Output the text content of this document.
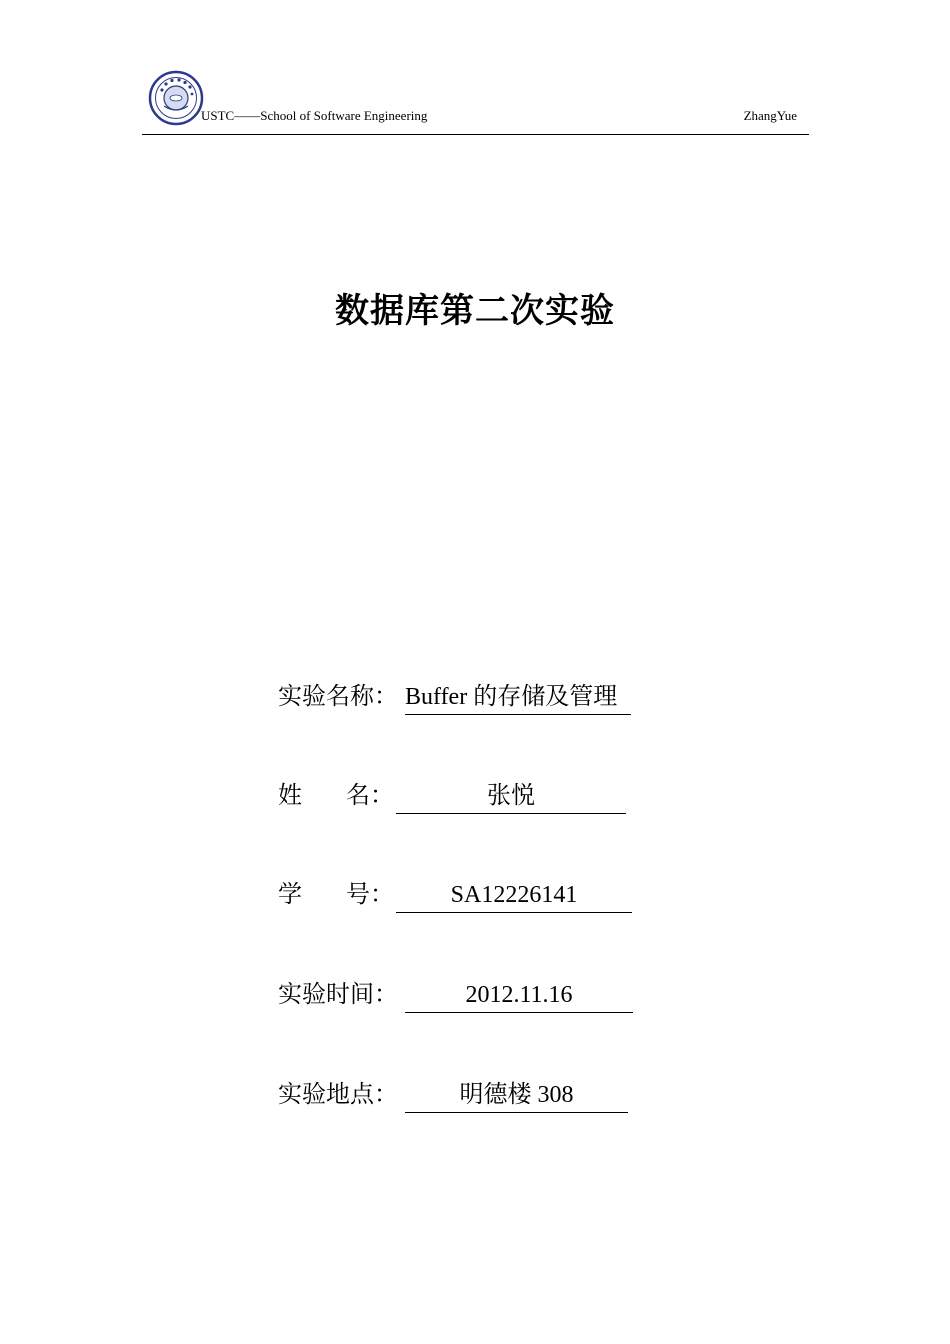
USTC——School of Software Engineering	ZhangYue
数据库第二次实验
实验名称： Buffer 的存储及管理
姓 名：	张悦
学 号：	SA12226141
实验时间：	2012.11.16
实验地点：	明德楼 308
